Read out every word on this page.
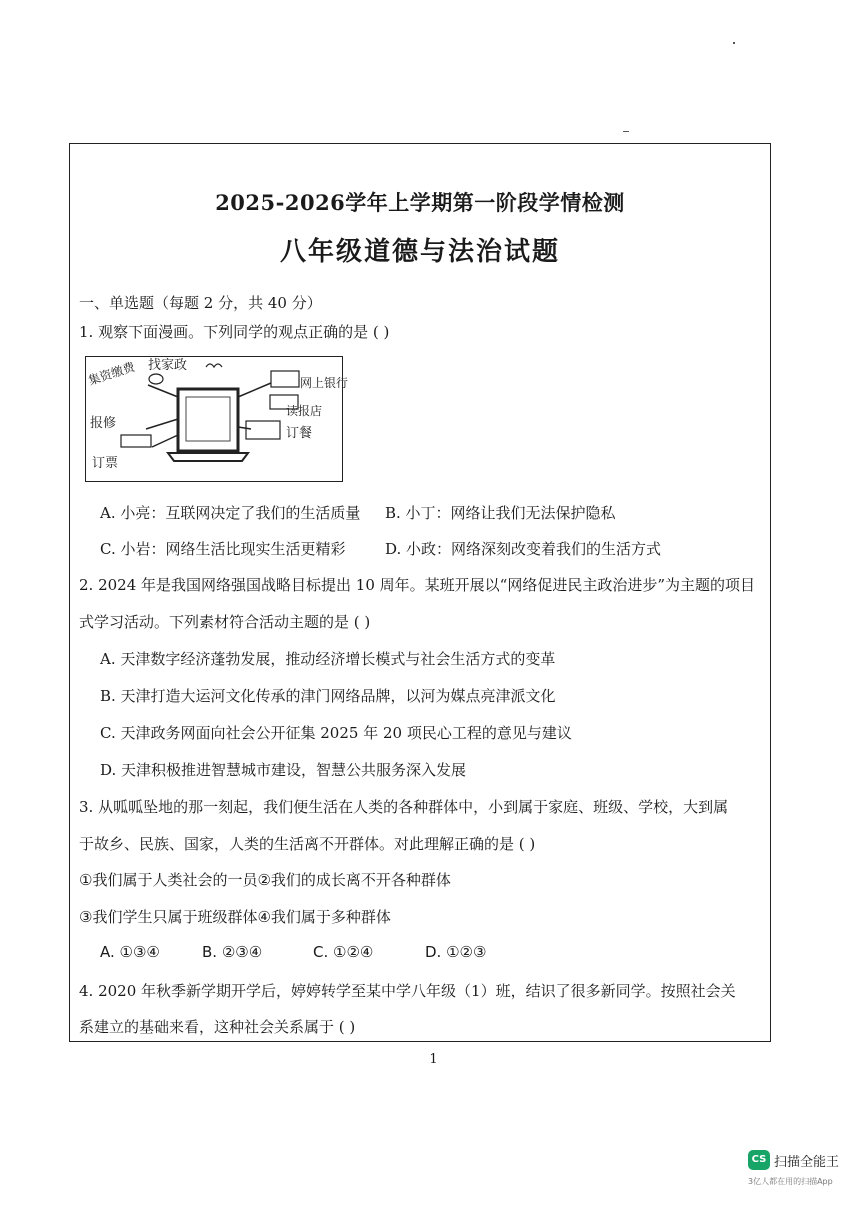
2025-2026学年上学期第一阶段学情检测
八年级道德与法治试题
一、单选题（每题 2 分，共 40 分）
1. 观察下面漫画。下列同学的观点正确的是 ( )
找家政
集资缴费
报修
订票
网上银行
读报店
订餐
A. 小亮：互联网决定了我们的生活质量 B. 小丁：网络让我们无法保护隐私
C. 小岩：网络生活比现实生活更精彩	D. 小政：网络深刻改变着我们的生活方式
2. 2024 年是我国网络强国战略目标提出 10 周年。某班开展以“网络促进民主政治进步”为主题的项目
式学习活动。下列素材符合活动主题的是 ( )
A. 天津数字经济蓬勃发展，推动经济增长模式与社会生活方式的变革
B. 天津打造大运河文化传承的津门网络品牌，以河为媒点亮津派文化
C. 天津政务网面向社会公开征集 2025 年 20 项民心工程的意见与建议
D. 天津积极推进智慧城市建设，智慧公共服务深入发展
3. 从呱呱坠地的那一刻起，我们便生活在人类的各种群体中，小到属于家庭、班级、学校，大到属
于故乡、民族、国家，人类的生活离不开群体。对此理解正确的是 ( )
①我们属于人类社会的一员②我们的成长离不开各种群体
③我们学生只属于班级群体④我们属于多种群体
A. ①③④	B. ②③④	C. ①②④	D. ①②③
4. 2020 年秋季新学期开学后，婷婷转学至某中学八年级（1）班，结识了很多新同学。按照社会关
系建立的基础来看，这种社会关系属于 ( )
1
CS 扫描全能王
3亿人都在用的扫描App
